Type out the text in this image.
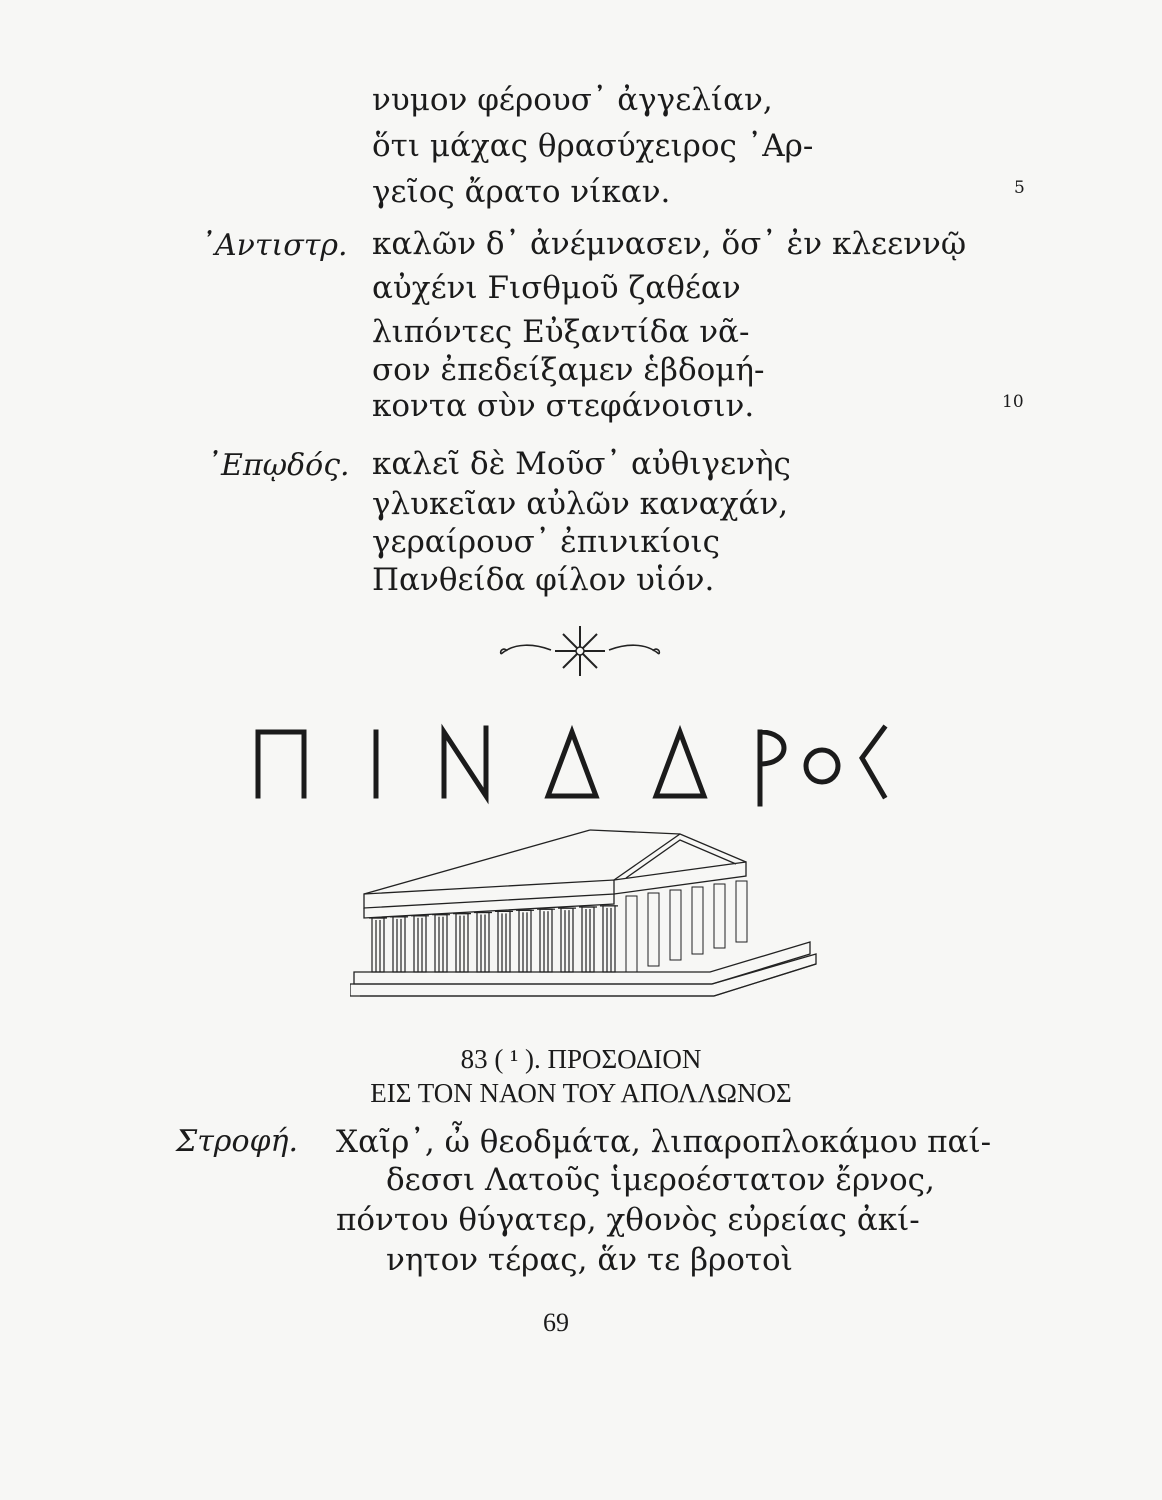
νυμον φέρουσ᾽ ἀγγελίαν,
ὅτι μάχας θρασύχειρος ᾽Αρ-
γεῖος ἄρατο νίκαν.	5
᾽Αντιστρ. καλῶν δ᾽ ἀνέμνασεν, ὅσ᾽ ἐν κλεεννῷ
αὐχένι Ϝισθμοῦ ζαθέαν
λιπόντες Εὐξαντίδα νᾶ-
σον ἐπεδείξαμεν ἑβδομή-
κοντα σὺν στεφάνοισιν.	10
᾽Επῳδός. καλεῖ δὲ Μοῦσ᾽ αὐθιγενὴς
γλυκεῖαν αὐλῶν καναχάν,
γεραίρουσ᾽ ἐπινικίοις
Πανθείδα φίλον υἱόν.
83 ( ¹ ). ΠΡΟΣΟΔΙΟΝ
ΕΙΣ ΤΟΝ ΝΑΟΝ ΤΟΥ ΑΠΟΛΛΩΝΟΣ
Στροφή. Χαῖρ᾽, ὦ θεοδμάτα, λιπαροπλοκάμου παί-
δεσσι Λατοῦς ἱμεροέστατον ἔρνος,
πόντου θύγατερ, χθονὸς εὐρείας ἀκί-
νητον τέρας, ἅν τε βροτοὶ
69
